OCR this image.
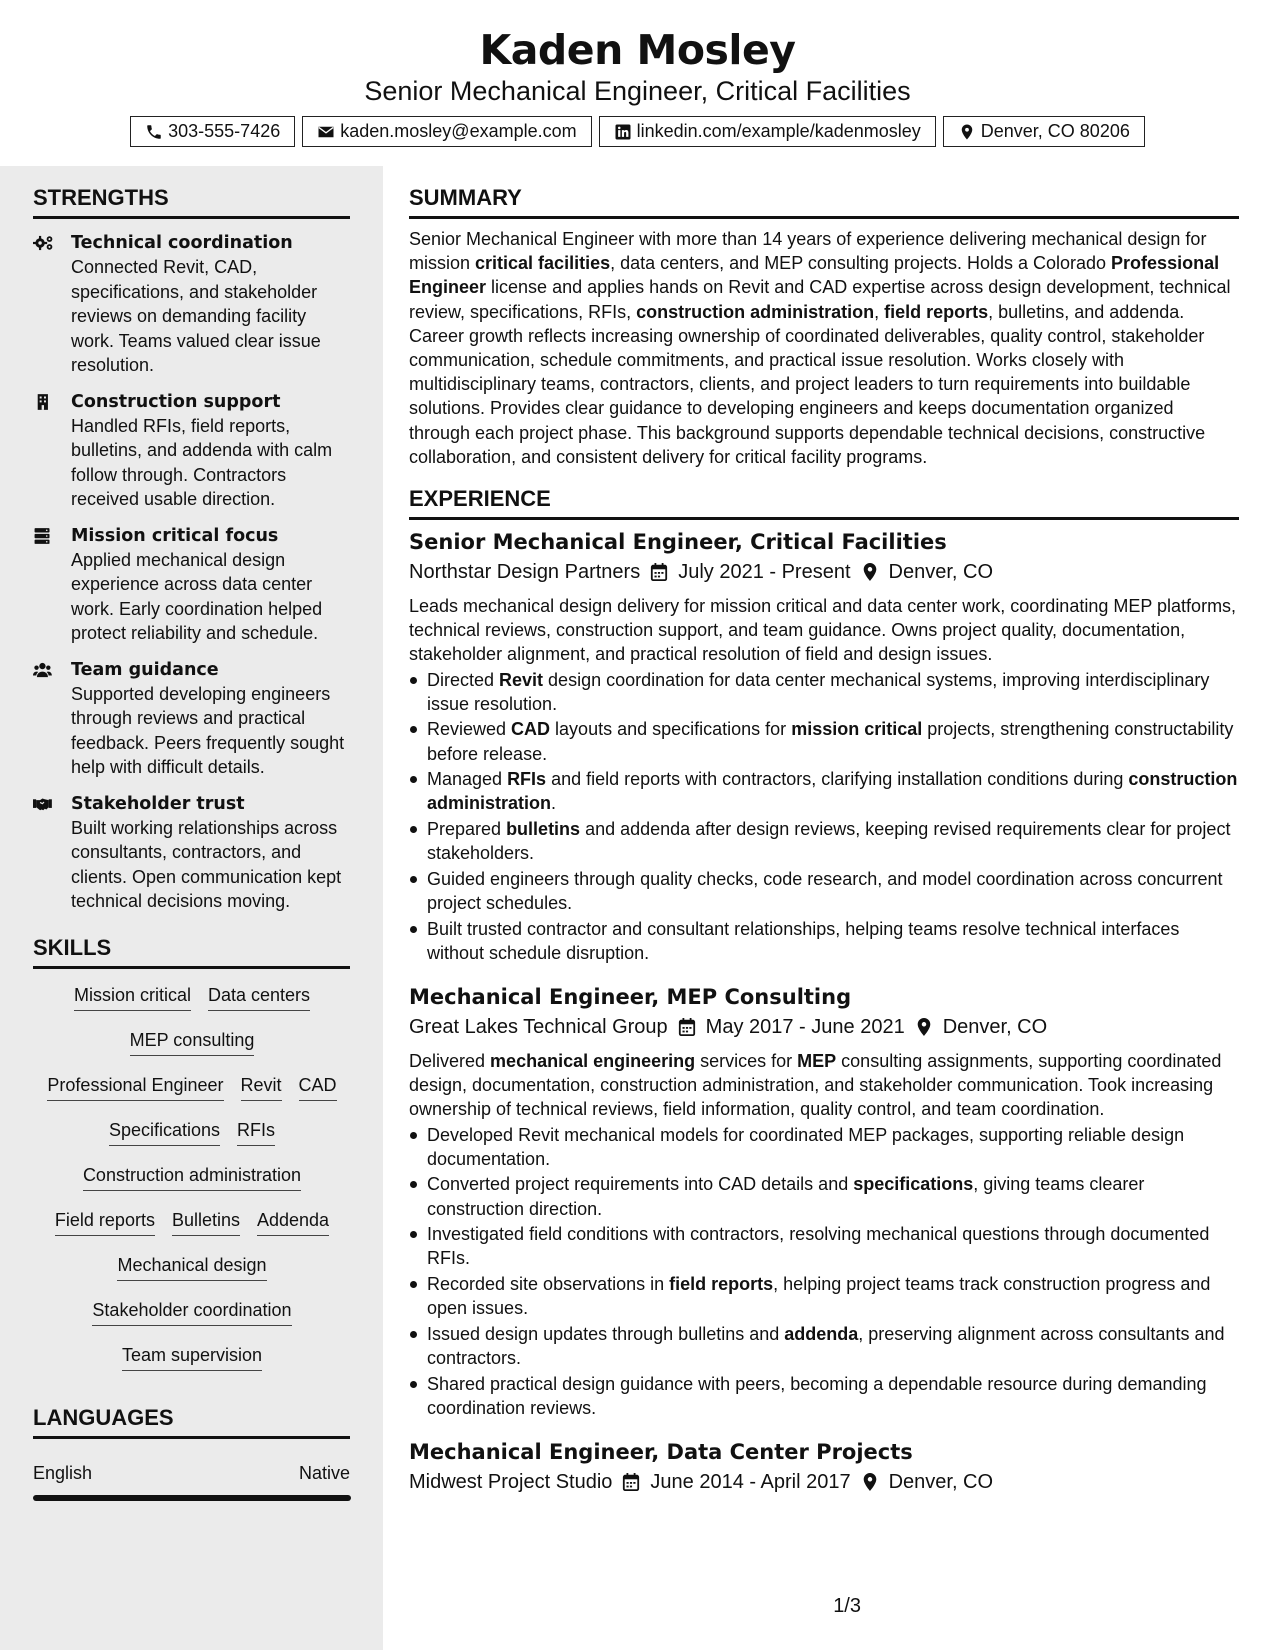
Kaden Mosley
Senior Mechanical Engineer, Critical Facilities
303-555-7426	kaden.mosley@example.com	linkedin.com/example/kadenmosley	Denver, CO 80206
STRENGTHS
Technical coordination
Connected Revit, CAD, specifications, and stakeholder reviews on demanding facility work. Teams valued clear issue resolution.
Construction support
Handled RFIs, field reports, bulletins, and addenda with calm follow through. Contractors received usable direction.
Mission critical focus
Applied mechanical design experience across data center work. Early coordination helped protect reliability and schedule.
Team guidance
Supported developing engineers through reviews and practical feedback. Peers frequently sought help with difficult details.
Stakeholder trust
Built working relationships across consultants, contractors, and clients. Open communication kept technical decisions moving.
SKILLS
Mission critical Data centers
MEP consulting
Professional Engineer Revit CAD
Specifications RFIs
Construction administration
Field reports Bulletins Addenda
Mechanical design
Stakeholder coordination
Team supervision
LANGUAGES
English	Native
SUMMARY
Senior Mechanical Engineer with more than 14 years of experience delivering mechanical design for mission critical facilities, data centers, and MEP consulting projects. Holds a Colorado Professional Engineer license and applies hands on Revit and CAD expertise across design development, technical review, specifications, RFIs, construction administration, field reports, bulletins, and addenda. Career growth reflects increasing ownership of coordinated deliverables, quality control, stakeholder communication, schedule commitments, and practical issue resolution. Works closely with multidisciplinary teams, contractors, clients, and project leaders to turn requirements into buildable solutions. Provides clear guidance to developing engineers and keeps documentation organized through each project phase. This background supports dependable technical decisions, constructive collaboration, and consistent delivery for critical facility programs.
EXPERIENCE
Senior Mechanical Engineer, Critical Facilities
Northstar Design Partners July 2021 - Present Denver, CO
Leads mechanical design delivery for mission critical and data center work, coordinating MEP platforms, technical reviews, construction support, and team guidance. Owns project quality, documentation, stakeholder alignment, and practical resolution of field and design issues.
Directed Revit design coordination for data center mechanical systems, improving interdisciplinary issue resolution.
Reviewed CAD layouts and specifications for mission critical projects, strengthening constructability before release.
Managed RFIs and field reports with contractors, clarifying installation conditions during construction administration.
Prepared bulletins and addenda after design reviews, keeping revised requirements clear for project stakeholders.
Guided engineers through quality checks, code research, and model coordination across concurrent project schedules.
Built trusted contractor and consultant relationships, helping teams resolve technical interfaces without schedule disruption.
Mechanical Engineer, MEP Consulting
Great Lakes Technical Group May 2017 - June 2021 Denver, CO
Delivered mechanical engineering services for MEP consulting assignments, supporting coordinated design, documentation, construction administration, and stakeholder communication. Took increasing ownership of technical reviews, field information, quality control, and team coordination.
Developed Revit mechanical models for coordinated MEP packages, supporting reliable design documentation.
Converted project requirements into CAD details and specifications, giving teams clearer construction direction.
Investigated field conditions with contractors, resolving mechanical questions through documented RFIs.
Recorded site observations in field reports, helping project teams track construction progress and open issues.
Issued design updates through bulletins and addenda, preserving alignment across consultants and contractors.
Shared practical design guidance with peers, becoming a dependable resource during demanding coordination reviews.
Mechanical Engineer, Data Center Projects
Midwest Project Studio June 2014 - April 2017 Denver, CO
1/3
